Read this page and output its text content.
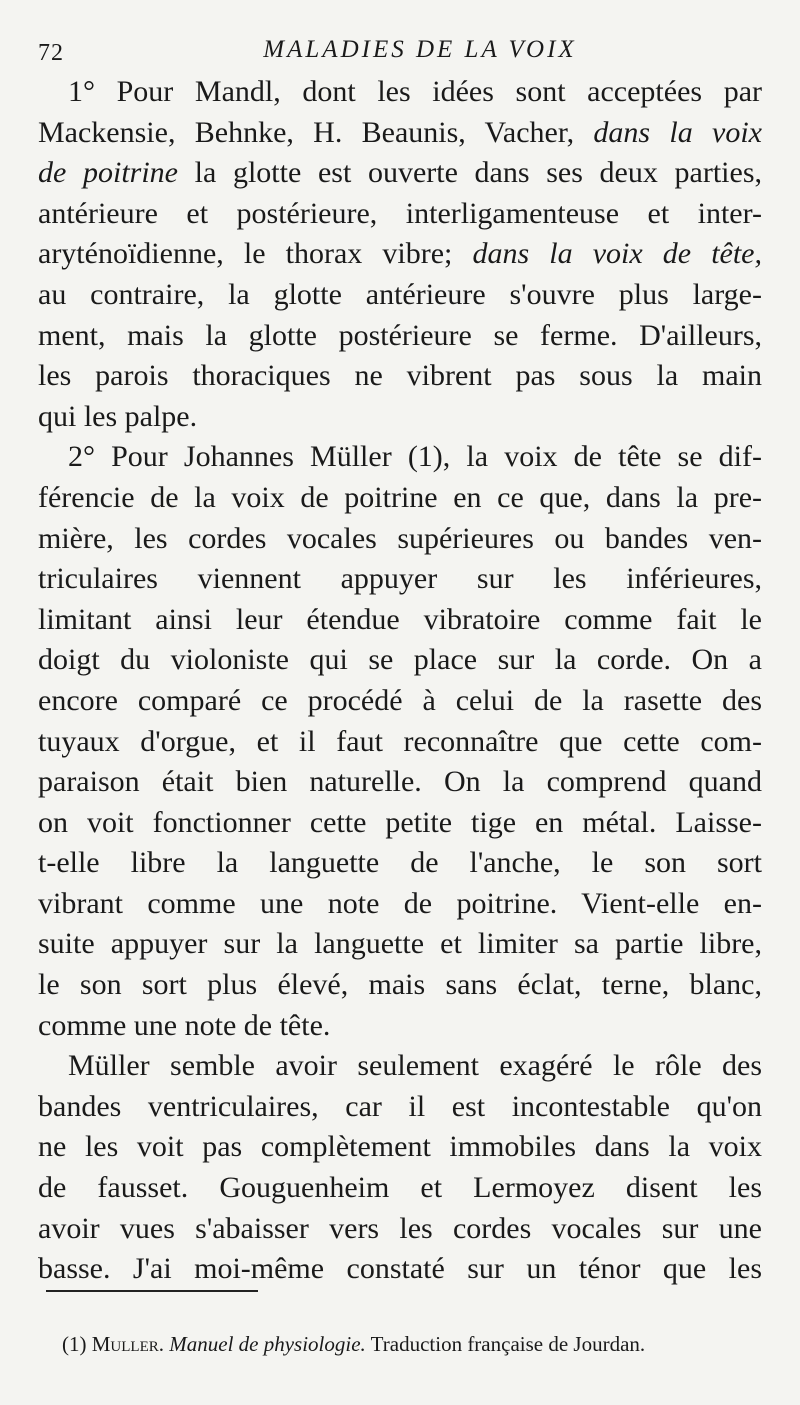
72	MALADIES DE LA VOIX
1° Pour Mandl, dont les idées sont acceptées par
Mackensie, Behnke, H. Beaunis, Vacher, dans la voix
de poitrine la glotte est ouverte dans ses deux parties,
antérieure et postérieure, interligamenteuse et inter-
aryténoïdienne, le thorax vibre; dans la voix de tête,
au contraire, la glotte antérieure s'ouvre plus large-
ment, mais la glotte postérieure se ferme. D'ailleurs,
les parois thoraciques ne vibrent pas sous la main
qui les palpe.
2° Pour Johannes Müller (1), la voix de tête se dif-
férencie de la voix de poitrine en ce que, dans la pre-
mière, les cordes vocales supérieures ou bandes ven-
triculaires viennent appuyer sur les inférieures,
limitant ainsi leur étendue vibratoire comme fait le
doigt du violoniste qui se place sur la corde. On a
encore comparé ce procédé à celui de la rasette des
tuyaux d'orgue, et il faut reconnaître que cette com-
paraison était bien naturelle. On la comprend quand
on voit fonctionner cette petite tige en métal. Laisse-
t-elle libre la languette de l'anche, le son sort
vibrant comme une note de poitrine. Vient-elle en-
suite appuyer sur la languette et limiter sa partie libre,
le son sort plus élevé, mais sans éclat, terne, blanc,
comme une note de tête.
Müller semble avoir seulement exagéré le rôle des
bandes ventriculaires, car il est incontestable qu'on
ne les voit pas complètement immobiles dans la voix
de fausset. Gouguenheim et Lermoyez disent les
avoir vues s'abaisser vers les cordes vocales sur une
basse. J'ai moi-même constaté sur un ténor que les
(1) Muller. Manuel de physiologie. Traduction française de Jourdan.
